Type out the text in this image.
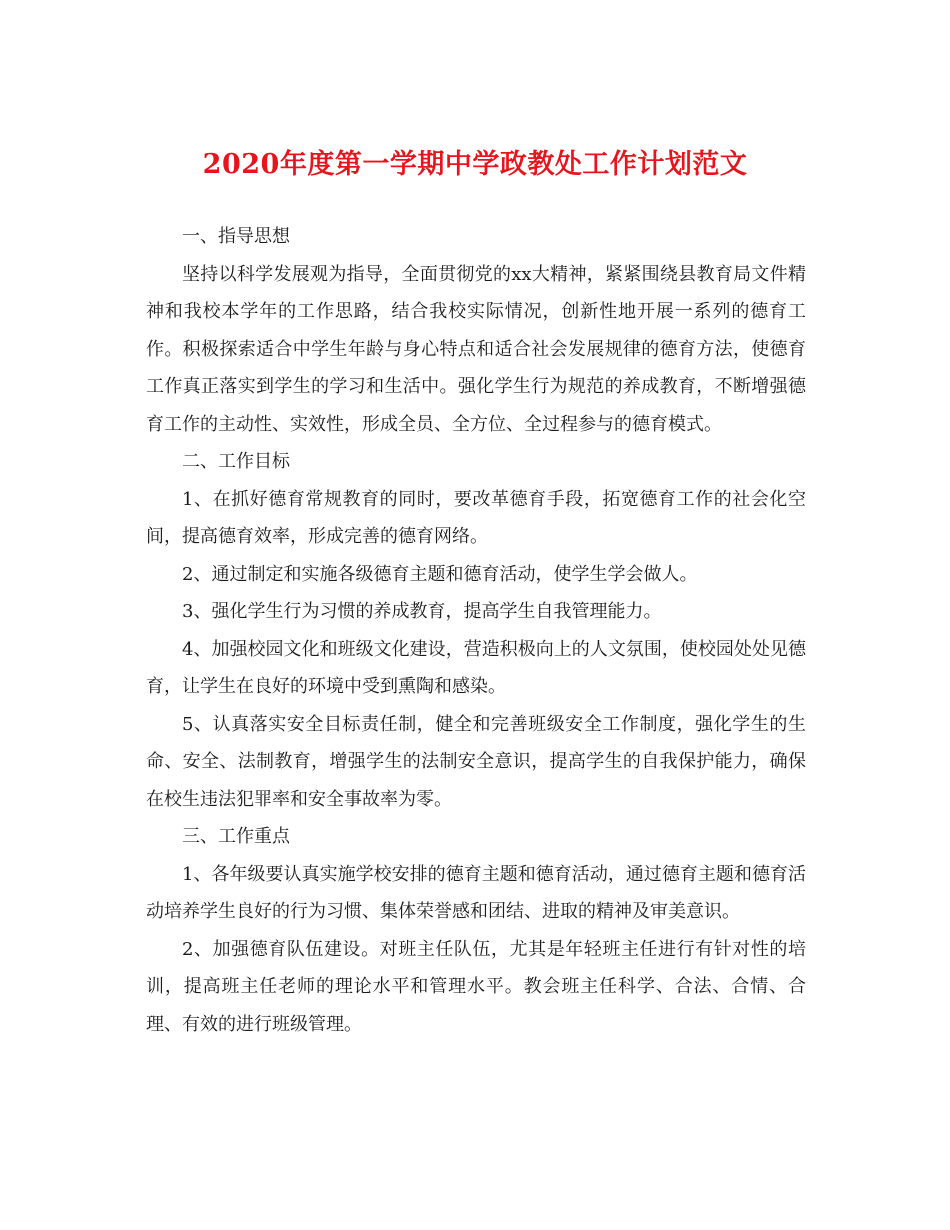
2020年度第一学期中学政教处工作计划范文

一、指导思想

坚持以科学发展观为指导，全面贯彻党的xx大精神，紧紧围绕县教育局文件精神和我校本学年的工作思路，结合我校实际情况，创新性地开展一系列的德育工作。积极探索适合中学生年龄与身心特点和适合社会发展规律的德育方法，使德育工作真正落实到学生的学习和生活中。强化学生行为规范的养成教育，不断增强德育工作的主动性、实效性，形成全员、全方位、全过程参与的德育模式。

二、工作目标

1、在抓好德育常规教育的同时，要改革德育手段，拓宽德育工作的社会化空间，提高德育效率，形成完善的德育网络。

2、通过制定和实施各级德育主题和德育活动，使学生学会做人。

3、强化学生行为习惯的养成教育，提高学生自我管理能力。

4、加强校园文化和班级文化建设，营造积极向上的人文氛围，使校园处处见德育，让学生在良好的环境中受到熏陶和感染。

5、认真落实安全目标责任制，健全和完善班级安全工作制度，强化学生的生命、安全、法制教育，增强学生的法制安全意识，提高学生的自我保护能力，确保在校生违法犯罪率和安全事故率为零。

三、工作重点

1、各年级要认真实施学校安排的德育主题和德育活动，通过德育主题和德育活动培养学生良好的行为习惯、集体荣誉感和团结、进取的精神及审美意识。

2、加强德育队伍建设。对班主任队伍，尤其是年轻班主任进行有针对性的培训，提高班主任老师的理论水平和管理水平。教会班主任科学、合法、合情、合理、有效的进行班级管理。
